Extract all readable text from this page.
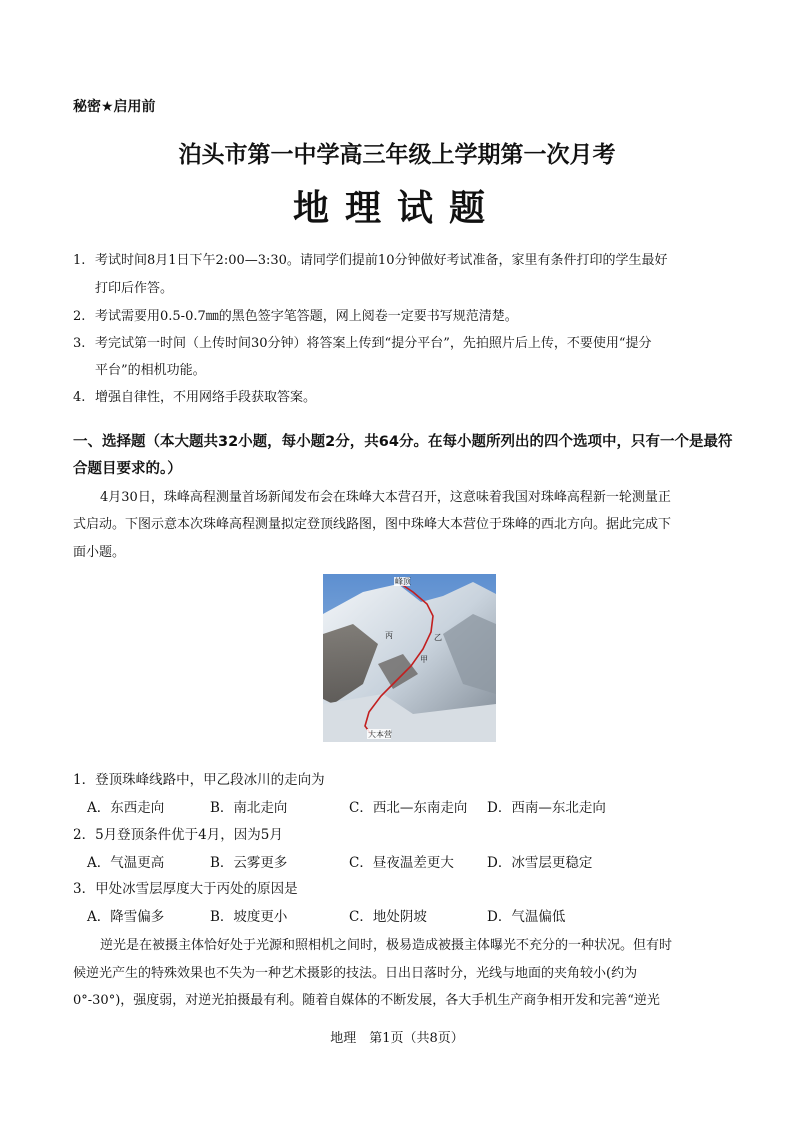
秘密★启用前
泊头市第一中学高三年级上学期第一次月考
地理试题
1. 考试时间8月1日下午2:00—3:30。请同学们提前10分钟做好考试准备，家里有条件打印的学生最好
打印后作答。
2. 考试需要用0.5-0.7㎜的黑色签字笔答题，网上阅卷一定要书写规范清楚。
3. 考完试第一时间（上传时间30分钟）将答案上传到“提分平台”，先拍照片后上传，不要使用“提分
平台”的相机功能。
4. 增强自律性，不用网络手段获取答案。
一、选择题（本大题共32小题，每小题2分，共64分。在每小题所列出的四个选项中，只有一个是最符
合题目要求的。）
4月30日，珠峰高程测量首场新闻发布会在珠峰大本营召开，这意味着我国对珠峰高程新一轮测量正
式启动。下图示意本次珠峰高程测量拟定登顶线路图，图中珠峰大本营位于珠峰的西北方向。据此完成下
面小题。
峰顶
丙	乙
甲
大本营
1．登顶珠峰线路中，甲乙段冰川的走向为
A．东西走向	B．南北走向	C．西北—东南走向 D．西南—东北走向
2．5月登顶条件优于4月，因为5月
A．气温更高	B．云雾更多	C．昼夜温差更大 D．冰雪层更稳定
3．甲处冰雪层厚度大于丙处的原因是
A．降雪偏多	B．坡度更小	C．地处阴坡	D．气温偏低
逆光是在被摄主体恰好处于光源和照相机之间时，极易造成被摄主体曝光不充分的一种状况。但有时
候逆光产生的特殊效果也不失为一种艺术摄影的技法。日出日落时分，光线与地面的夹角较小(约为
0°-30°)，强度弱，对逆光拍摄最有利。随着自媒体的不断发展，各大手机生产商争相开发和完善“逆光
地理　第1页（共8页）
